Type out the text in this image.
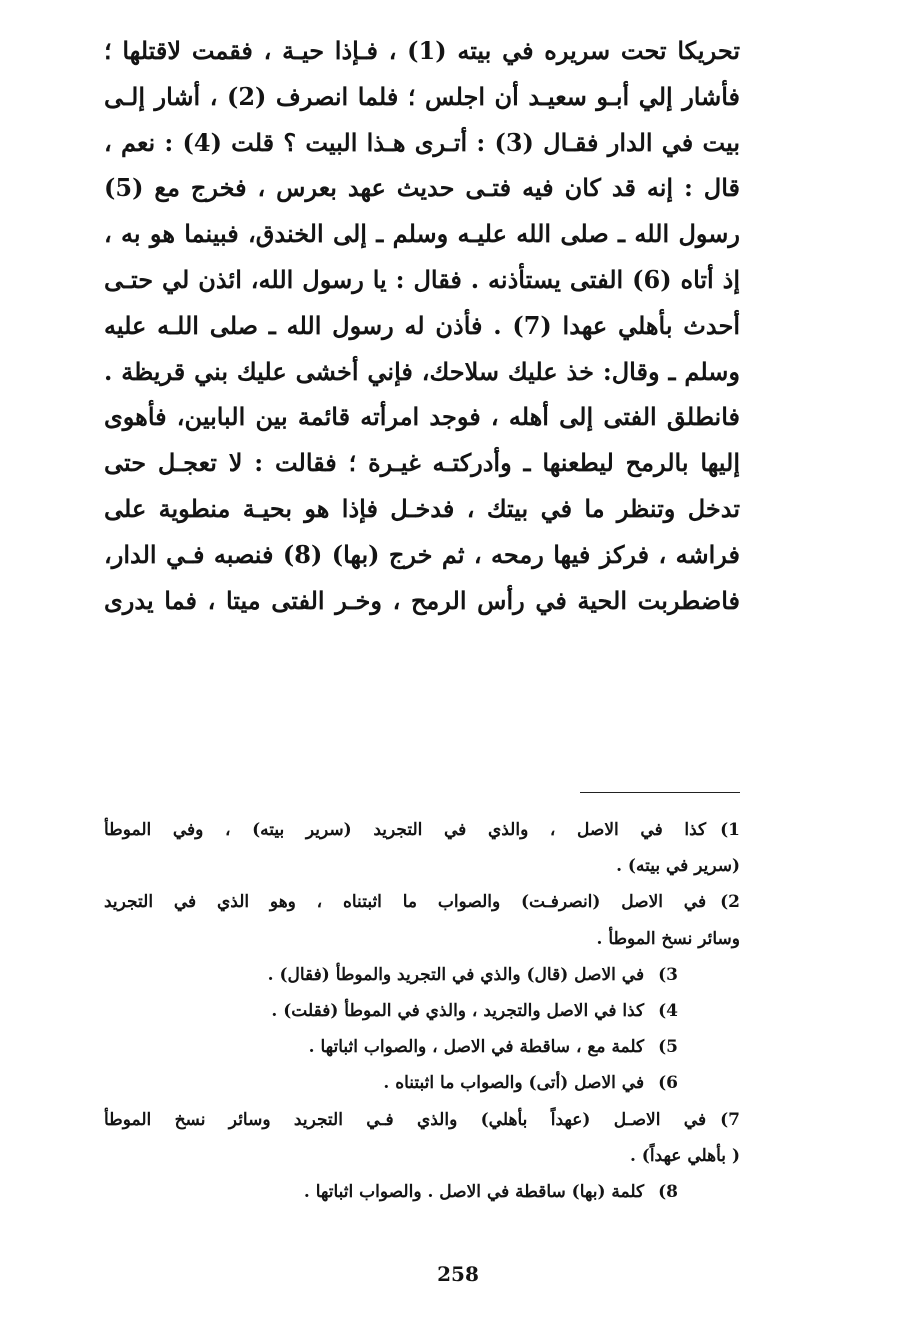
تحريكا تحت سريره في بيته (1) ، فـإذا حيـة ، فقمت لاقتلها ؛
فأشار إلي أبـو سعيـد أن اجلس ؛ فلما انصرف (2) ، أشار إلـى
بيت في الدار فقـال (3) : أتـرى هـذا البيت ؟ قلت (4) : نعم ،
قال : إنه قد كان فيه فتـى حديث عهد بعرس ، فخرج مع (5)
رسول الله ـ صلى الله عليـه وسلم ـ إلى الخندق، فبينما هو به ،
إذ أتاه (6) الفتى يستأذنه . فقال : يا رسول الله، ائذن لي حتـى
أحدث بأهلي عهدا (7) . فأذن له رسول الله ـ صلى اللـه عليه
وسلم ـ وقال: خذ عليك سلاحك، فإني أخشى عليك بني قريظة .
فانطلق الفتى إلى أهله ، فوجد امرأته قائمة بين البابين، فأهوى
إليها بالرمح ليطعنها ـ وأدركتـه غيـرة ؛ فقالت : لا تعجـل حتى
تدخل وتنظر ما في بيتك ، فدخـل فإذا هو بحيـة منطوية على
فراشه ، فركز فيها رمحه ، ثم خرج (بها) (8) فنصبه فـي الدار،
فاضطربت الحية في رأس الرمح ، وخـر الفتى ميتا ، فما يدرى
1)كذا في الاصل ، والذي في التجريد (سرير بيته) ، وفي الموطأ
(سرير في بيته) .
2)في الاصل (انصرفـت) والصواب ما اثبتناه ، وهو الذي في التجريد
وسائر نسخ الموطأ .
3)في الاصل (قال) والذي في التجريد والموطأ (فقال) .
4)كذا في الاصل والتجريد ، والذي في الموطأ (فقلت) .
5)كلمة مع ، ساقطة في الاصل ، والصواب اثباتها .
6)في الاصل (أتى) والصواب ما اثبتناه .
7)في الاصـل (عهداً بأهلي) والذي فـي التجريد وسائر نسخ الموطأ
( بأهلي عهداً) .
8)كلمة (بها) ساقطة في الاصل . والصواب اثباتها .
258
